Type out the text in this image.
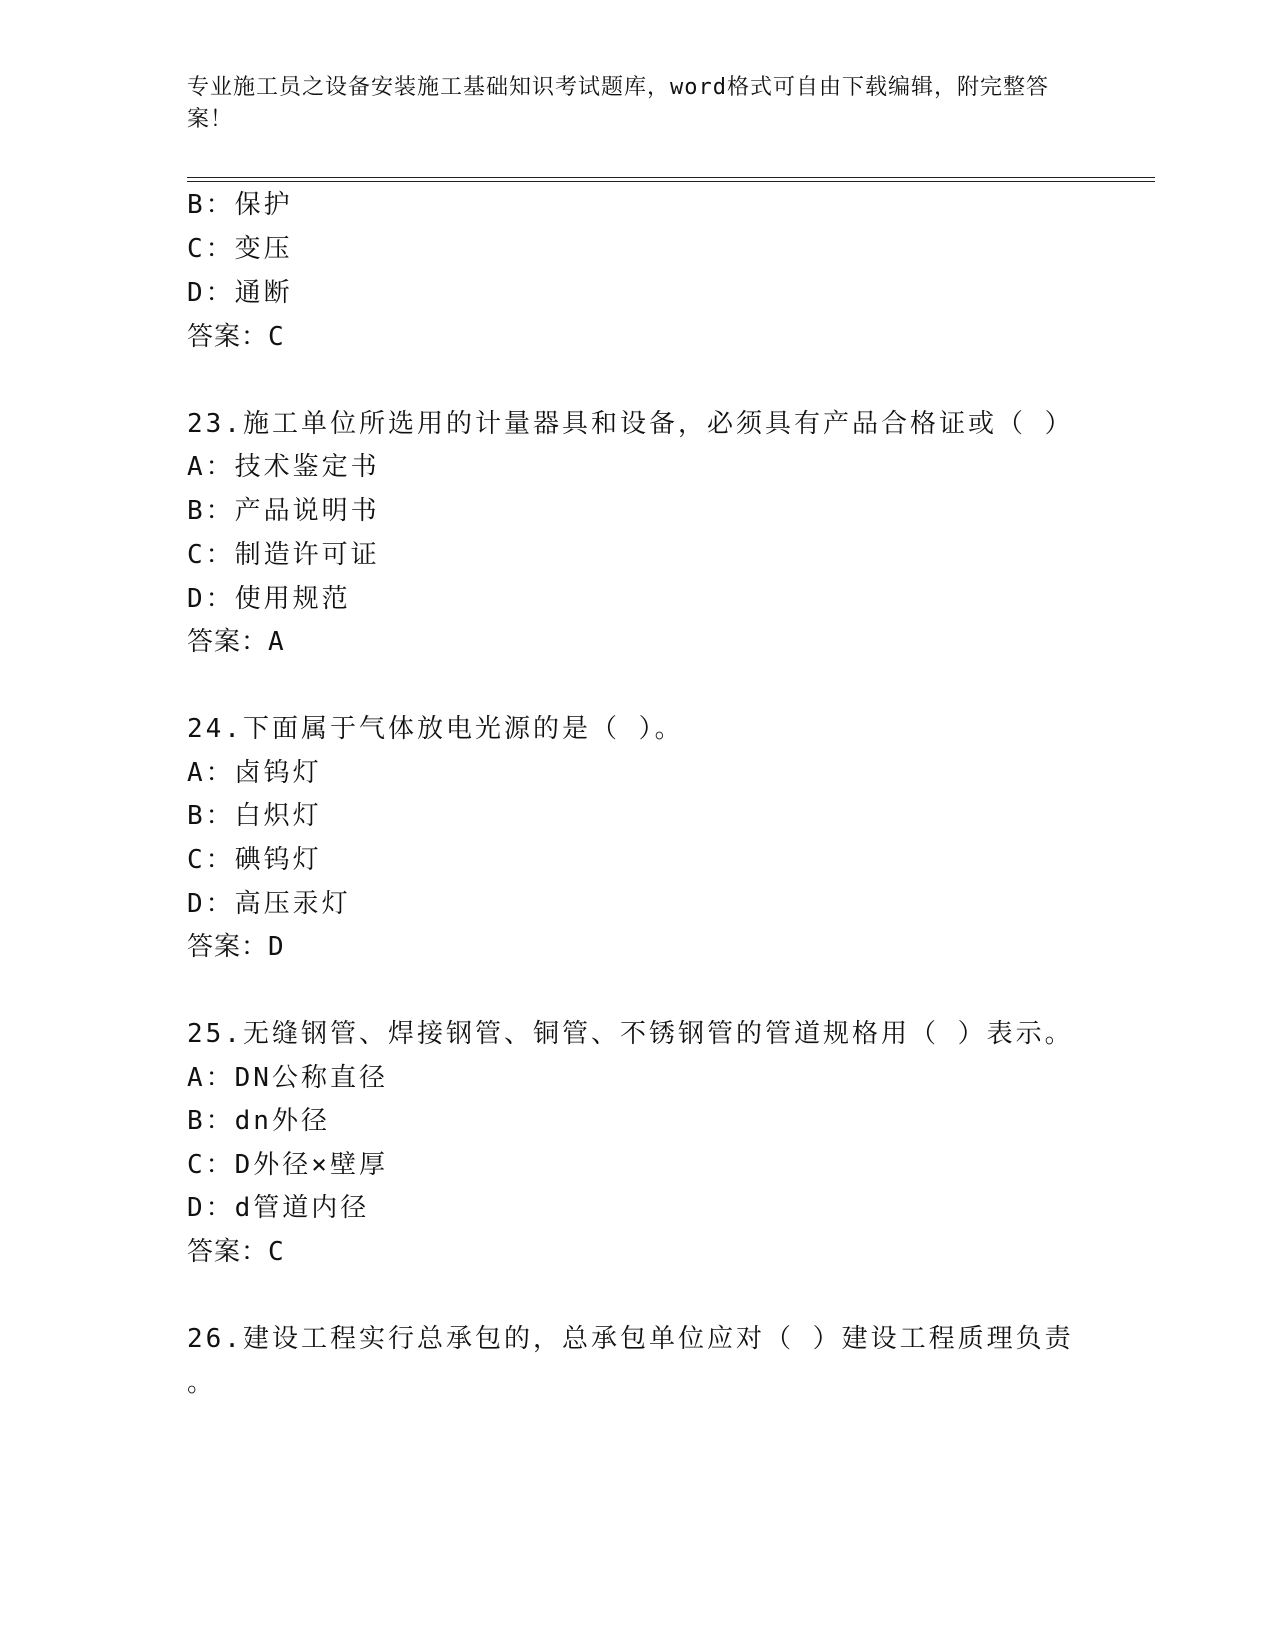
专业施工员之设备安装施工基础知识考试题库，word格式可自由下载编辑，附完整答案！
B：保护
C：变压
D：通断
答案：C
23.施工单位所选用的计量器具和设备，必须具有产品合格证或（ ）
A：技术鉴定书
B：产品说明书
C：制造许可证
D：使用规范
答案：A
24.下面属于气体放电光源的是（ ）。
A：卤钨灯
B：白炽灯
C：碘钨灯
D：高压汞灯
答案：D
25.无缝钢管、焊接钢管、铜管、不锈钢管的管道规格用（ ）表示。
A：DN公称直径
B：dn外径
C：D外径×壁厚
D：d管道内径
答案：C
26.建设工程实行总承包的，总承包单位应对（ ）建设工程质理负责
。
